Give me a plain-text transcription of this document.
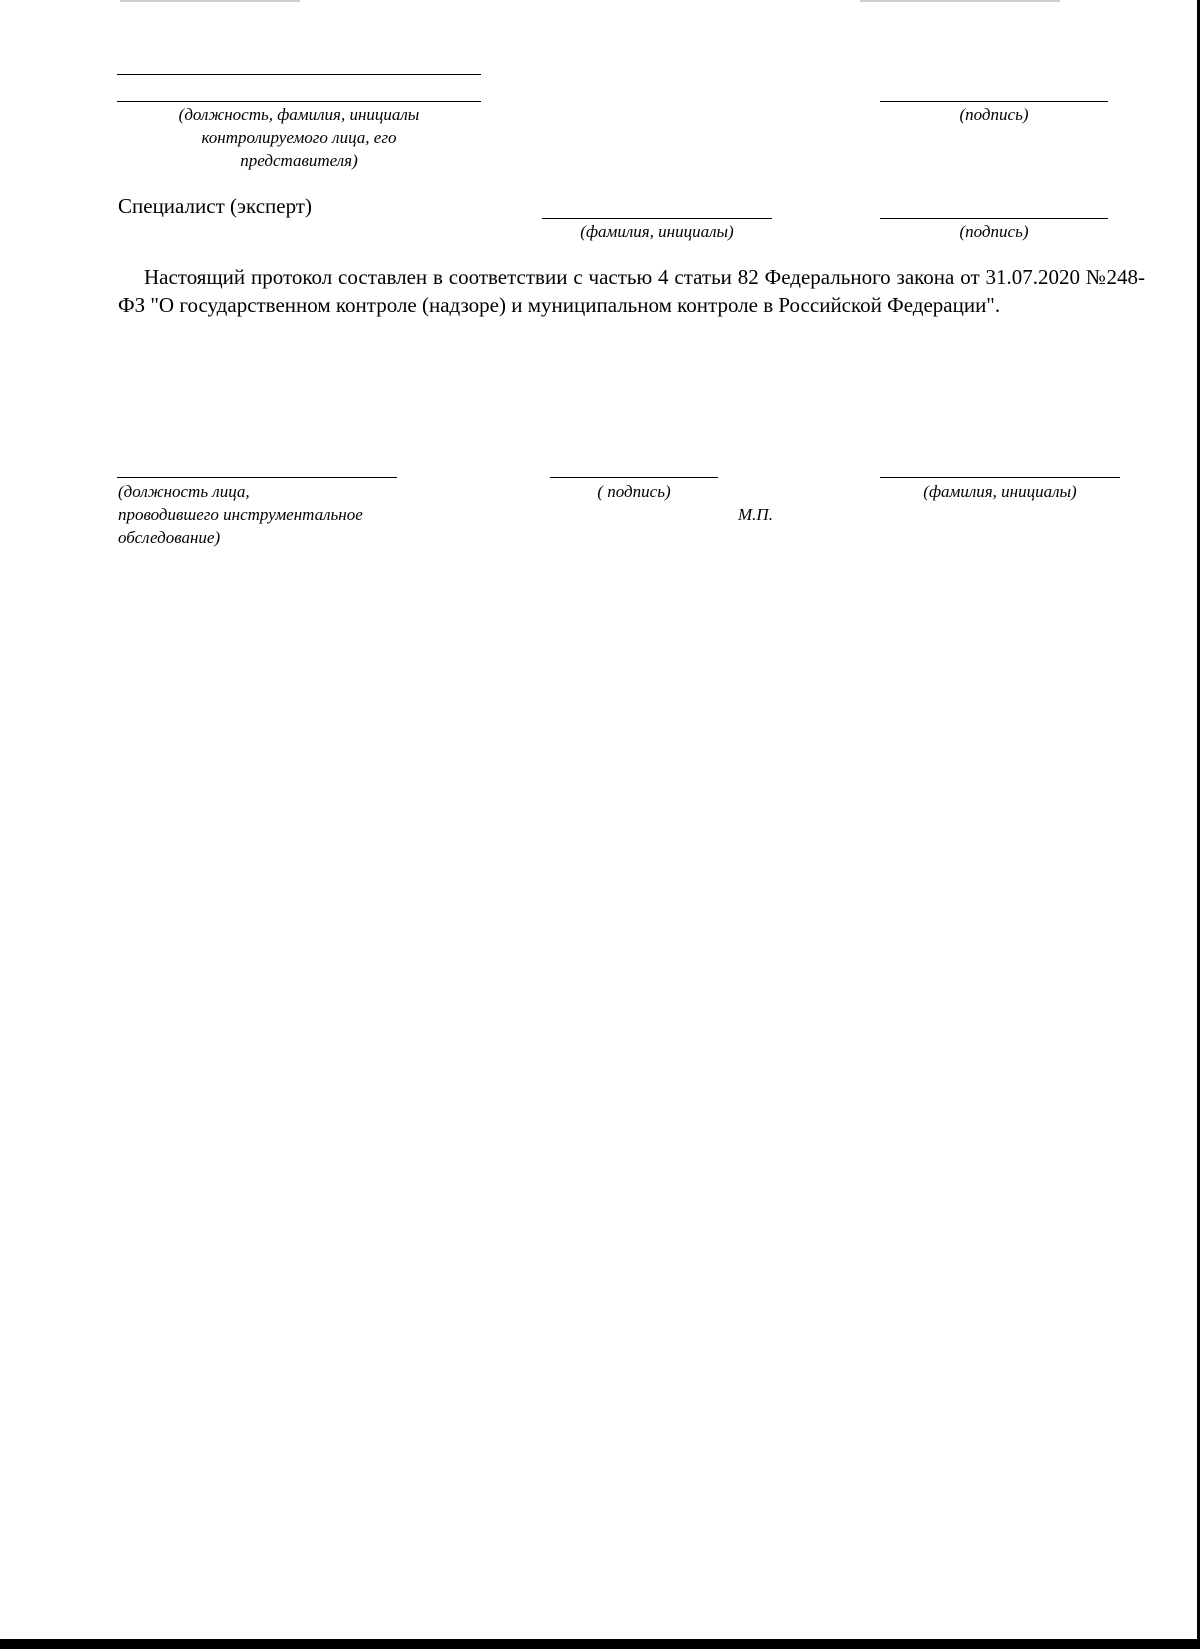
(должность, фамилия, инициалы
контролируемого лица, его
представителя)
(подпись)
Специалист (эксперт)
(фамилия, инициалы)	(подпись)
Настоящий протокол составлен в соответствии с частью 4 статьи 82 Федерального закона от 31.07.2020 №248-ФЗ "О государственном контроле (надзоре) и муниципальном контроле в Российской Федерации".
(должность лица,
проводившего инструментальное
обследование)
( подпись)
М.П.
(фамилия, инициалы)
